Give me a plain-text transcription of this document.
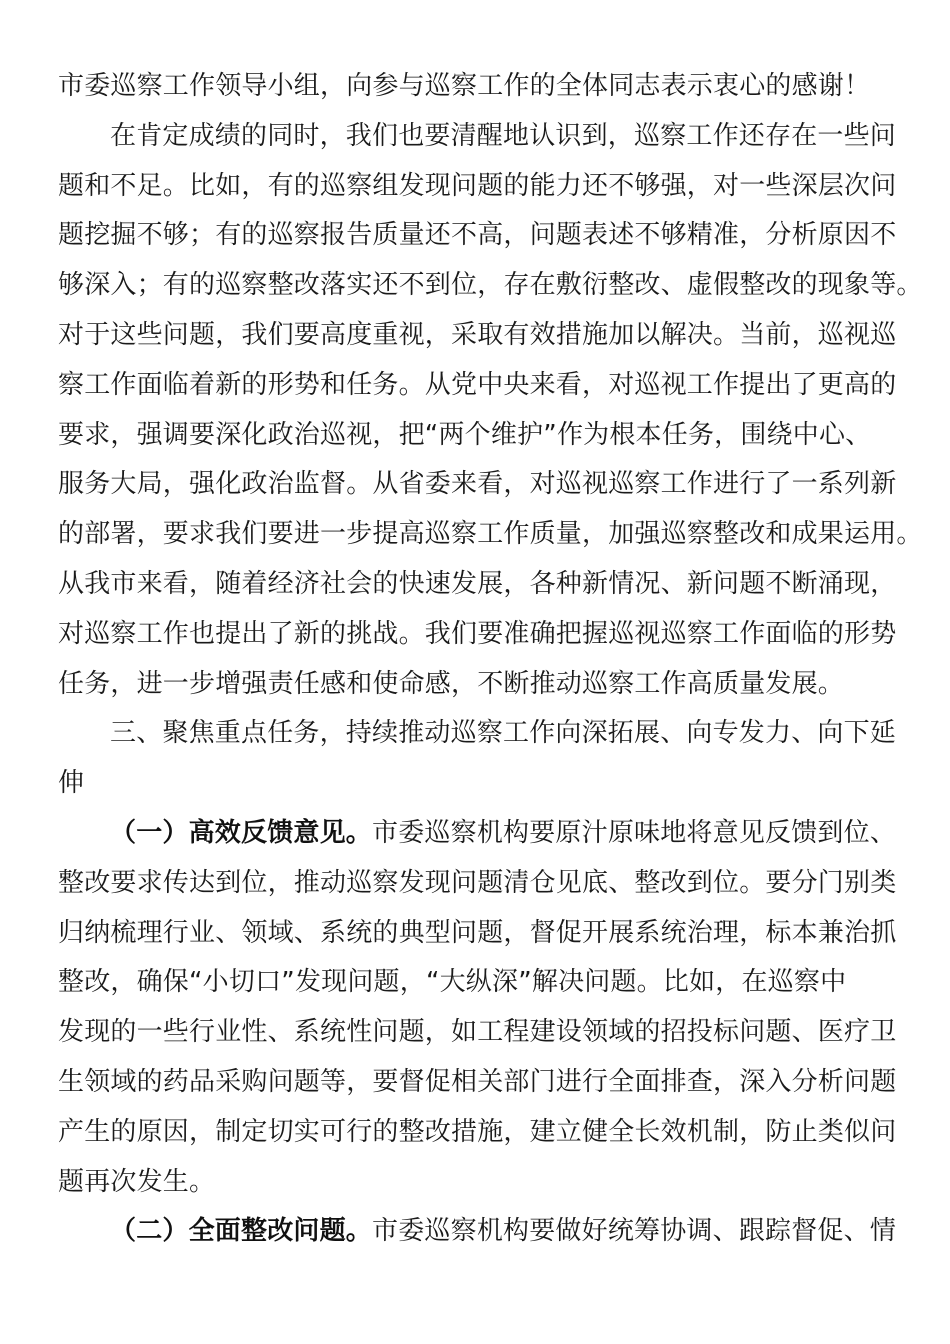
市委巡察工作领导小组，向参与巡察工作的全体同志表示衷心的感谢！
在肯定成绩的同时，我们也要清醒地认识到，巡察工作还存在一些问
题和不足。比如，有的巡察组发现问题的能力还不够强，对一些深层次问
题挖掘不够；有的巡察报告质量还不高，问题表述不够精准，分析原因不
够深入；有的巡察整改落实还不到位，存在敷衍整改、虚假整改的现象等。
对于这些问题，我们要高度重视，采取有效措施加以解决。当前，巡视巡
察工作面临着新的形势和任务。从党中央来看，对巡视工作提出了更高的
要求，强调要深化政治巡视，把“两个维护”作为根本任务，围绕中心、
服务大局，强化政治监督。从省委来看，对巡视巡察工作进行了一系列新
的部署，要求我们要进一步提高巡察工作质量，加强巡察整改和成果运用。
从我市来看，随着经济社会的快速发展，各种新情况、新问题不断涌现，
对巡察工作也提出了新的挑战。我们要准确把握巡视巡察工作面临的形势
任务，进一步增强责任感和使命感，不断推动巡察工作高质量发展。
三、聚焦重点任务，持续推动巡察工作向深拓展、向专发力、向下延
伸
（一）高效反馈意见。市委巡察机构要原汁原味地将意见反馈到位、
整改要求传达到位，推动巡察发现问题清仓见底、整改到位。要分门别类
归纳梳理行业、领域、系统的典型问题，督促开展系统治理，标本兼治抓
整改，确保“小切口”发现问题，“大纵深”解决问题。比如，在巡察中
发现的一些行业性、系统性问题，如工程建设领域的招投标问题、医疗卫
生领域的药品采购问题等，要督促相关部门进行全面排查，深入分析问题
产生的原因，制定切实可行的整改措施，建立健全长效机制，防止类似问
题再次发生。
（二）全面整改问题。市委巡察机构要做好统筹协调、跟踪督促、情
